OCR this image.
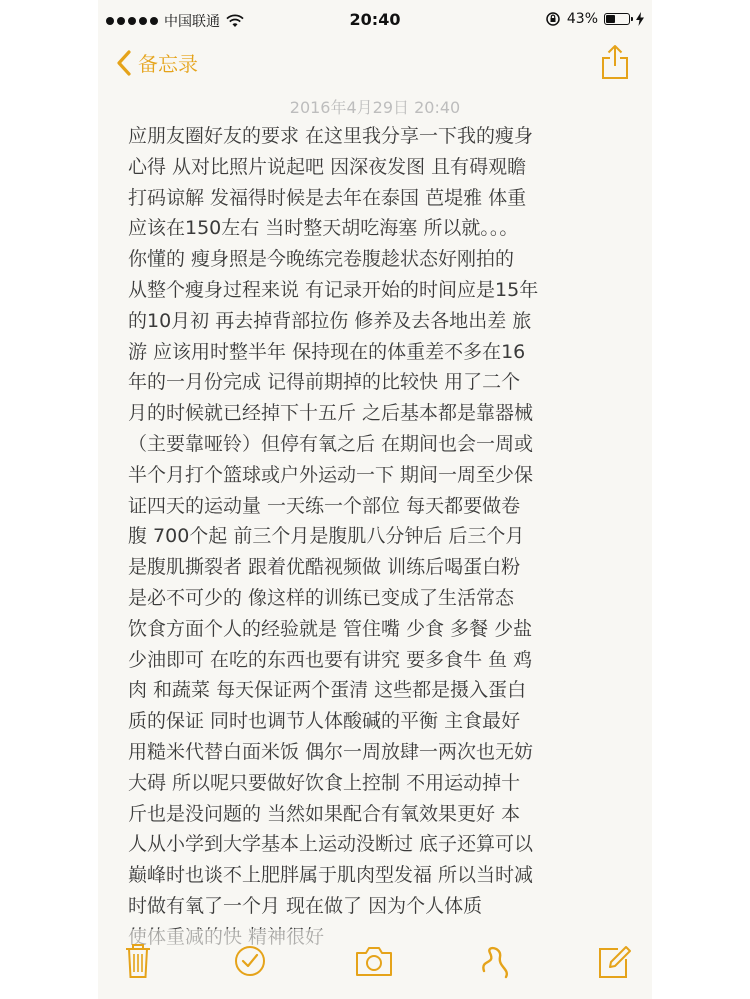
中国联通	20:40	43%
备忘录
2016年4月29日 20:40
应朋友圈好友的要求 在这里我分享一下我的瘦身
心得 从对比照片说起吧 因深夜发图 且有碍观瞻
打码谅解 发福得时候是去年在泰国 芭堤雅 体重
应该在150左右 当时整天胡吃海塞 所以就。。。
你懂的 瘦身照是今晚练完卷腹趁状态好刚拍的
从整个瘦身过程来说 有记录开始的时间应是15年
的10月初 再去掉背部拉伤 修养及去各地出差 旅
游 应该用时整半年 保持现在的体重差不多在16
年的一月份完成 记得前期掉的比较快 用了二个
月的时候就已经掉下十五斤 之后基本都是靠器械
（主要靠哑铃）但停有氧之后 在期间也会一周或
半个月打个篮球或户外运动一下 期间一周至少保
证四天的运动量 一天练一个部位 每天都要做卷
腹 700个起 前三个月是腹肌八分钟后 后三个月
是腹肌撕裂者 跟着优酷视频做 训练后喝蛋白粉
是必不可少的 像这样的训练已变成了生活常态
饮食方面个人的经验就是 管住嘴 少食 多餐 少盐
少油即可 在吃的东西也要有讲究 要多食牛 鱼 鸡
肉 和蔬菜 每天保证两个蛋清 这些都是摄入蛋白
质的保证 同时也调节人体酸碱的平衡 主食最好
用糙米代替白面米饭 偶尔一周放肆一两次也无妨
大碍 所以呢只要做好饮食上控制 不用运动掉十
斤也是没问题的 当然如果配合有氧效果更好 本
人从小学到大学基本上运动没断过 底子还算可以
巅峰时也谈不上肥胖属于肌肉型发福 所以当时减
时做有氧了一个月 现在做了 因为个人体质
